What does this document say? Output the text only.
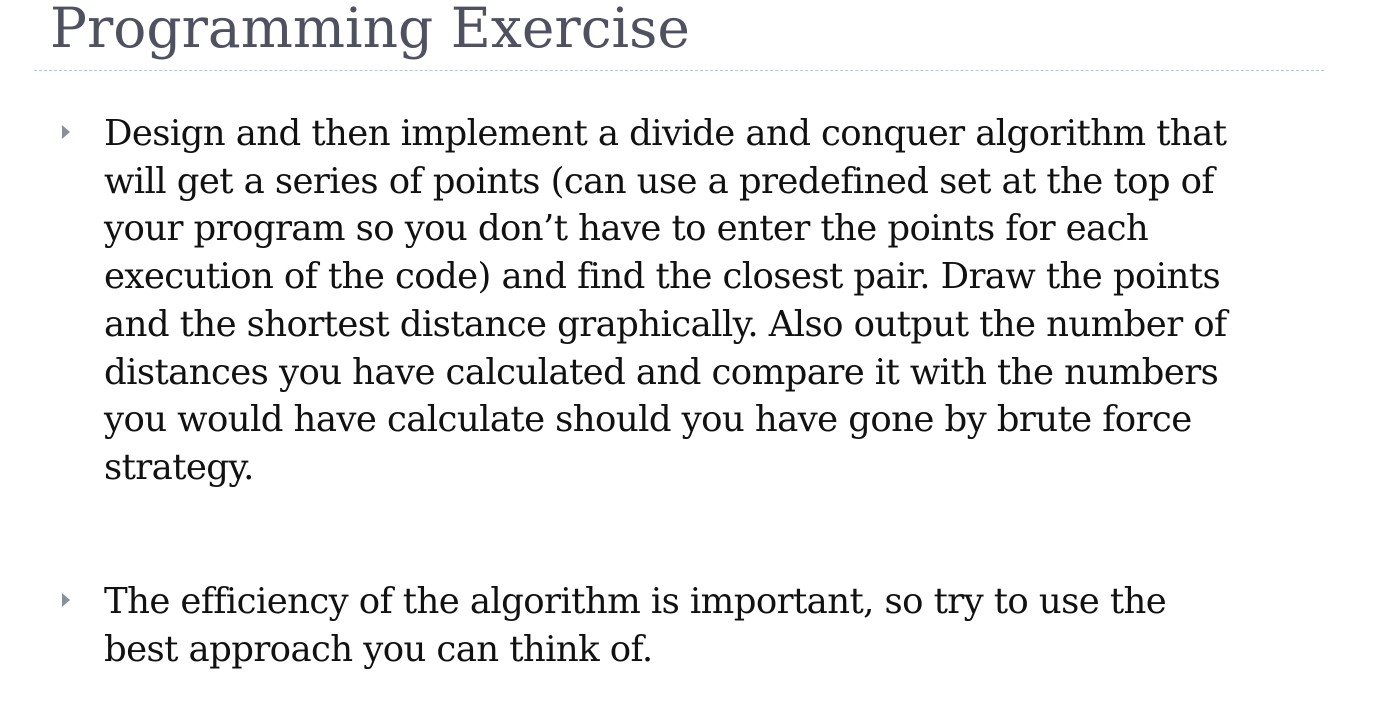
Programming Exercise

Design and then implement a divide and conquer algorithm that
will get a series of points (can use a predefined set at the top of
your program so you don’t have to enter the points for each
execution of the code) and find the closest pair. Draw the points
and the shortest distance graphically. Also output the number of
distances you have calculated and compare it with the numbers
you would have calculate should you have gone by brute force
strategy.

The efficiency of the algorithm is important, so try to use the
best approach you can think of.
